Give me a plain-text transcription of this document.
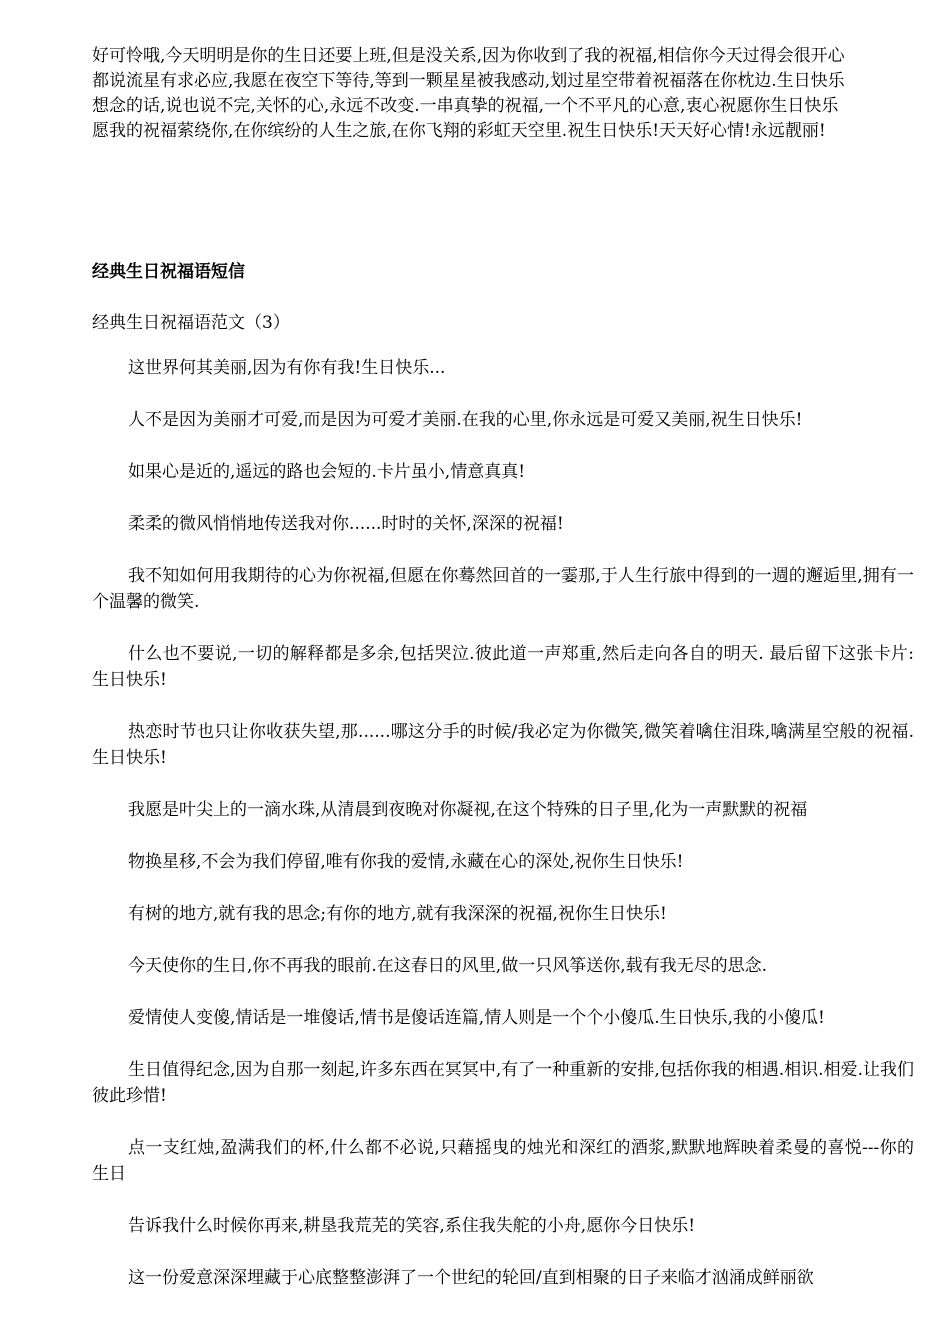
好可怜哦,今天明明是你的生日还要上班,但是没关系,因为你收到了我的祝福,相信你今天过得会很开心

都说流星有求必应,我愿在夜空下等待,等到一颗星星被我感动,划过星空带着祝福落在你枕边.生日快乐

想念的话,说也说不完,关怀的心,永远不改变.一串真挚的祝福,一个不平凡的心意,衷心祝愿你生日快乐

愿我的祝福萦绕你,在你缤纷的人生之旅,在你飞翔的彩虹天空里.祝生日快乐!天天好心情!永远靓丽!

经典生日祝福语短信

经典生日祝福语范文（3）

这世界何其美丽,因为有你有我!生日快乐...

人不是因为美丽才可爱,而是因为可爱才美丽.在我的心里,你永远是可爱又美丽,祝生日快乐!

如果心是近的,遥远的路也会短的.卡片虽小,情意真真!

柔柔的微风悄悄地传送我对你......时时的关怀,深深的祝福!

我不知如何用我期待的心为你祝福,但愿在你蓦然回首的一霎那,于人生行旅中得到的一週的邂逅里,拥有一个温馨的微笑.

什么也不要说,一切的解释都是多余,包括哭泣.彼此道一声郑重,然后走向各自的明天. 最后留下这张卡片:生日快乐!

热恋时节也只让你收获失望,那......哪这分手的时候/我必定为你微笑,微笑着噙住泪珠,噙满星空般的祝福.生日快乐!

我愿是叶尖上的一滴水珠,从清晨到夜晚对你凝视,在这个特殊的日子里,化为一声默默的祝福

物换星移,不会为我们停留,唯有你我的爱情,永藏在心的深处,祝你生日快乐!

有树的地方,就有我的思念;有你的地方,就有我深深的祝福,祝你生日快乐!

今天使你的生日,你不再我的眼前.在这春日的风里,做一只风筝送你,载有我无尽的思念.

爱情使人变傻,情话是一堆傻话,情书是傻话连篇,情人则是一个个小傻瓜.生日快乐,我的小傻瓜!

生日值得纪念,因为自那一刻起,许多东西在冥冥中,有了一种重新的安排,包括你我的相遇.相识.相爱.让我们彼此珍惜!

点一支红烛,盈满我们的杯,什么都不必说,只藉摇曳的烛光和深红的酒浆,默默地辉映着柔曼的喜悦---你的生日

告诉我什么时候你再来,耕垦我荒芜的笑容,系住我失舵的小舟,愿你今日快乐!

这一份爱意深深埋藏于心底整整澎湃了一个世纪的轮回/直到相聚的日子来临才汹涌成鲜丽欲
